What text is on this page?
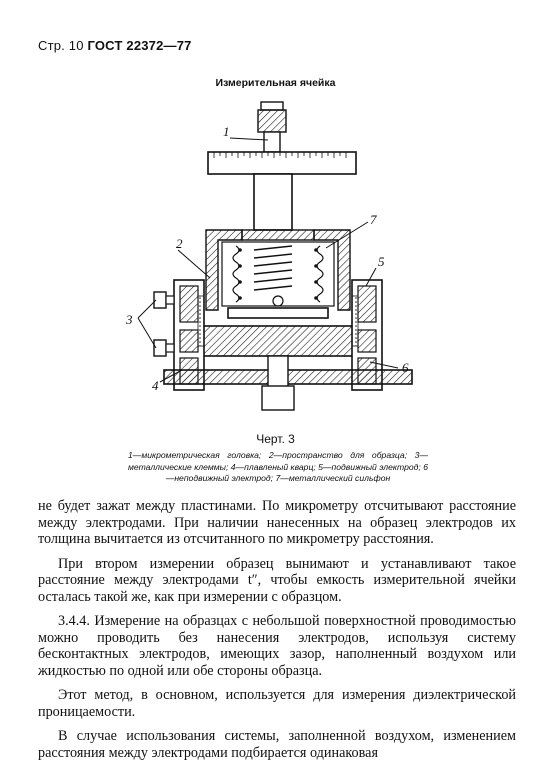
Стр. 10 ГОСТ 22372—77
Измерительная ячейка
1
2
3
4
5
6
7
Черт. 3
1—микрометрическая головка; 2—пространство для образца; 3—металлические клеммы; 4—плавленый кварц; 5—подвижный электрод; 6—неподвижный электрод; 7—металлический сильфон

не будет зажат между пластинами. По микрометру отсчитывают расстояние между электродами. При наличии нанесенных на образец электродов их толщина вычитается из отсчитанного по микрометру расстояния.

При втором измерении образец вынимают и устанавливают такое расстояние между электродами t″, чтобы емкость измерительной ячейки осталась такой же, как при измерении с образцом.

3.4.4. Измерение на образцах с небольшой поверхностной проводимостью можно проводить без нанесения электродов, используя систему бесконтактных электродов, имеющих зазор, наполненный воздухом или жидкостью по одной или обе стороны образца.

Этот метод, в основном, используется для измерения диэлектрической проницаемости.

В случае использования системы, заполненной воздухом, изменением расстояния между электродами подбирается одинаковая
